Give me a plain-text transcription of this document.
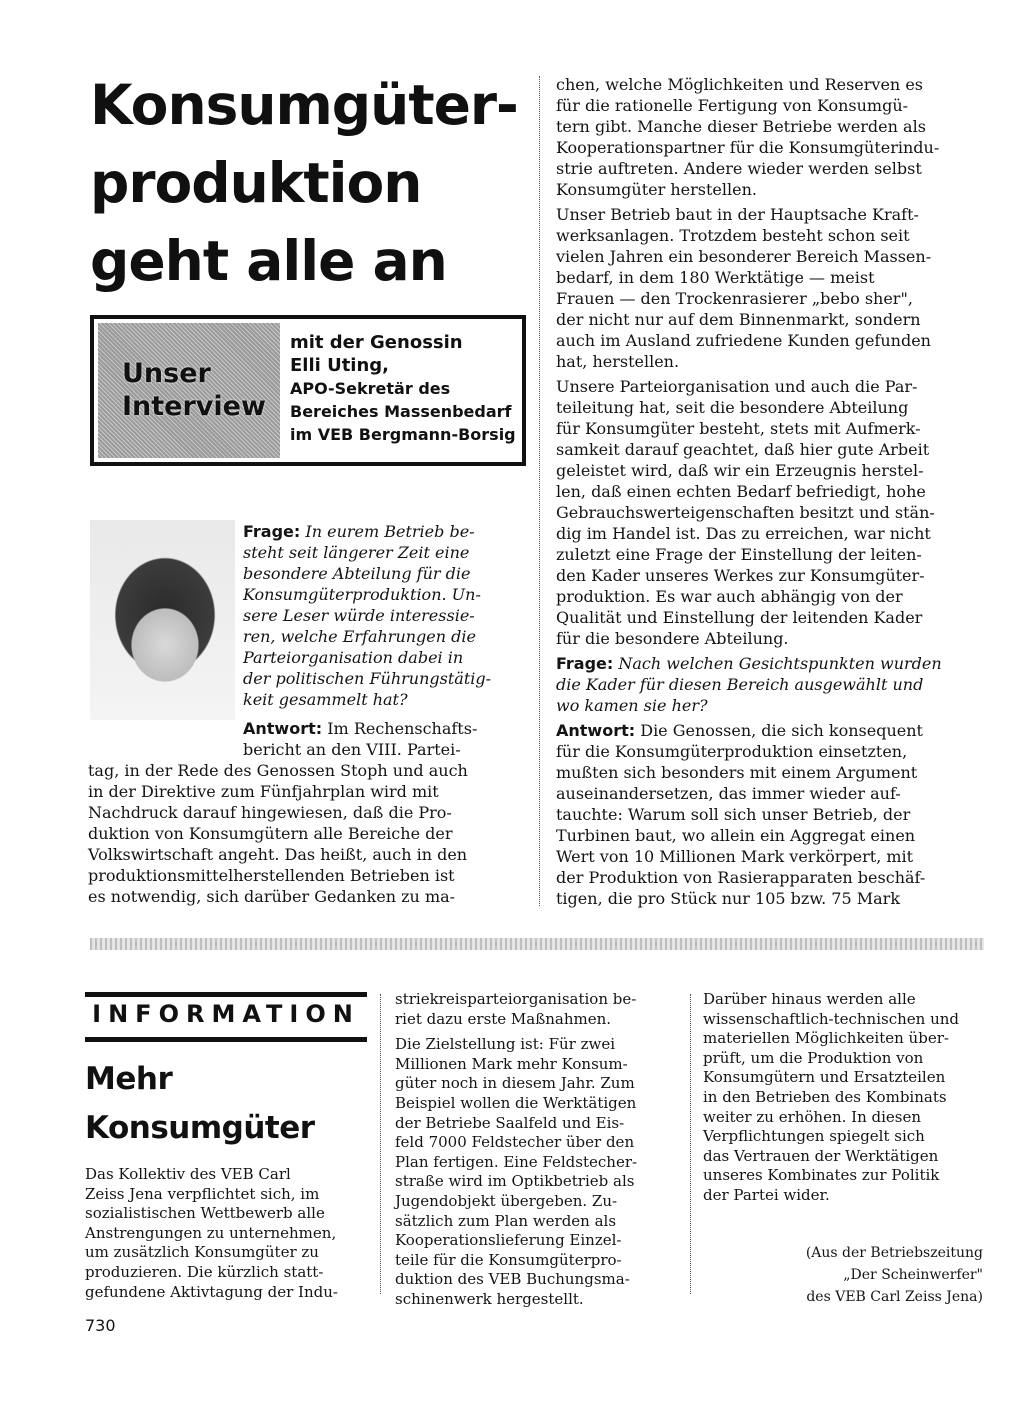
Konsumgüter-
produktion
geht alle an
Unser
Interview
mit der Genossin
Elli Uting,
APO-Sekretär des
Bereiches Massenbedarf
im VEB Bergmann-Borsig
Frage: In eurem Betrieb be-
steht seit längerer Zeit eine
besondere Abteilung für die
Konsumgüterproduktion. Un-
sere Leser würde interessie-
ren, welche Erfahrungen die
Parteiorganisation dabei in
der politischen Führungstätig-
keit gesammelt hat?
Antwort: Im Rechenschafts-
bericht an den VIII. Partei-
tag, in der Rede des Genossen Stoph und auch
in der Direktive zum Fünfjahrplan wird mit
Nachdruck darauf hingewiesen, daß die Pro-
duktion von Konsumgütern alle Bereiche der
Volkswirtschaft angeht. Das heißt, auch in den
produktionsmittelherstellenden Betrieben ist
es notwendig, sich darüber Gedanken zu ma-
chen, welche Möglichkeiten und Reserven es
für die rationelle Fertigung von Konsumgü-
tern gibt. Manche dieser Betriebe werden als
Kooperationspartner für die Konsumgüterindu-
strie auftreten. Andere wieder werden selbst
Konsumgüter herstellen.
Unser Betrieb baut in der Hauptsache Kraft-
werksanlagen. Trotzdem besteht schon seit
vielen Jahren ein besonderer Bereich Massen-
bedarf, in dem 180 Werktätige — meist
Frauen — den Trockenrasierer „bebo sher",
der nicht nur auf dem Binnenmarkt, sondern
auch im Ausland zufriedene Kunden gefunden
hat, herstellen.
Unsere Parteiorganisation und auch die Par-
teileitung hat, seit die besondere Abteilung
für Konsumgüter besteht, stets mit Aufmerk-
samkeit darauf geachtet, daß hier gute Arbeit
geleistet wird, daß wir ein Erzeugnis herstel-
len, daß einen echten Bedarf befriedigt, hohe
Gebrauchswerteigenschaften besitzt und stän-
dig im Handel ist. Das zu erreichen, war nicht
zuletzt eine Frage der Einstellung der leiten-
den Kader unseres Werkes zur Konsumgüter-
produktion. Es war auch abhängig von der
Qualität und Einstellung der leitenden Kader
für die besondere Abteilung.
Frage: Nach welchen Gesichtspunkten wurden
die Kader für diesen Bereich ausgewählt und
wo kamen sie her?
Antwort: Die Genossen, die sich konsequent
für die Konsumgüterproduktion einsetzten,
mußten sich besonders mit einem Argument
auseinandersetzen, das immer wieder auf-
tauchte: Warum soll sich unser Betrieb, der
Turbinen baut, wo allein ein Aggregat einen
Wert von 10 Millionen Mark verkörpert, mit
der Produktion von Rasierapparaten beschäf-
tigen, die pro Stück nur 105 bzw. 75 Mark
INFORMATION
Mehr
Konsumgüter
Das Kollektiv des VEB Carl
Zeiss Jena verpflichtet sich, im
sozialistischen Wettbewerb alle
Anstrengungen zu unternehmen,
um zusätzlich Konsumgüter zu
produzieren. Die kürzlich statt-
gefundene Aktivtagung der Indu-
striekreisparteiorganisation be-
riet dazu erste Maßnahmen.
Die Zielstellung ist: Für zwei
Millionen Mark mehr Konsum-
güter noch in diesem Jahr. Zum
Beispiel wollen die Werktätigen
der Betriebe Saalfeld und Eis-
feld 7000 Feldstecher über den
Plan fertigen. Eine Feldstecher-
straße wird im Optikbetrieb als
Jugendobjekt übergeben. Zu-
sätzlich zum Plan werden als
Kooperationslieferung Einzel-
teile für die Konsumgüterpro-
duktion des VEB Buchungsma-
schinenwerk hergestellt.
Darüber hinaus werden alle
wissenschaftlich-technischen und
materiellen Möglichkeiten über-
prüft, um die Produktion von
Konsumgütern und Ersatzteilen
in den Betrieben des Kombinats
weiter zu erhöhen. In diesen
Verpflichtungen spiegelt sich
das Vertrauen der Werktätigen
unseres Kombinates zur Politik
der Partei wider.
(Aus der Betriebszeitung
„Der Scheinwerfer"
des VEB Carl Zeiss Jena)
730
